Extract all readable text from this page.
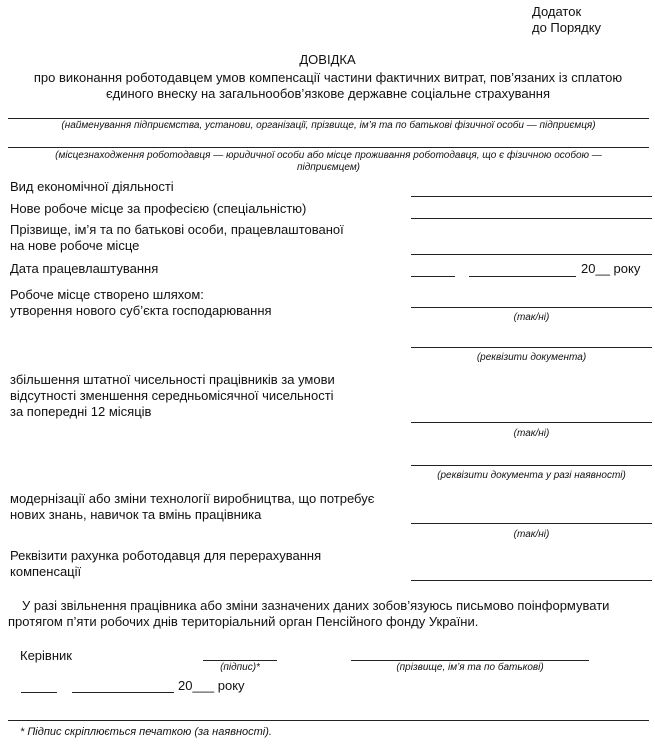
Додаток
до Порядку
ДОВІДКА
про виконання роботодавцем умов компенсації частини фактичних витрат, пов’язаних із сплатою
єдиного внеску на загальнообов’язкове державне соціальне страхування
(найменування підприємства, установи, організації, прізвище, ім’я та по батькові фізичної особи — підприємця)
(місцезнаходження роботодавця — юридичної особи або місце проживання роботодавця, що є фізичною особою —
підприємцем)
Вид економічної діяльності
Нове робоче місце за професією (спеціальністю)
Прізвище, ім’я та по батькові особи, працевлаштованої
на нове робоче місце
Дата працевлаштування	20__ року
Робоче місце створено шляхом:
утворення нового суб’єкта господарювання	(так/ні)
(реквізити документа)
збільшення штатної чисельності працівників за умови
відсутності зменшення середньомісячної чисельності
за попередні 12 місяців
(так/ні)
(реквізити документа у разі наявності)
модернізації або зміни технології виробництва, що потребує
нових знань, навичок та вмінь працівника
(так/ні)
Реквізити рахунка роботодавця для перерахування
компенсації
У разі звільнення працівника або зміни зазначених даних зобов’язуюсь письмово поінформувати
протягом п’яти робочих днів територіальний орган Пенсійного фонду України.
Керівник
(підпис)*	(прізвище, ім’я та по батькові)
20___ року
* Підпис скріплюється печаткою (за наявності).
